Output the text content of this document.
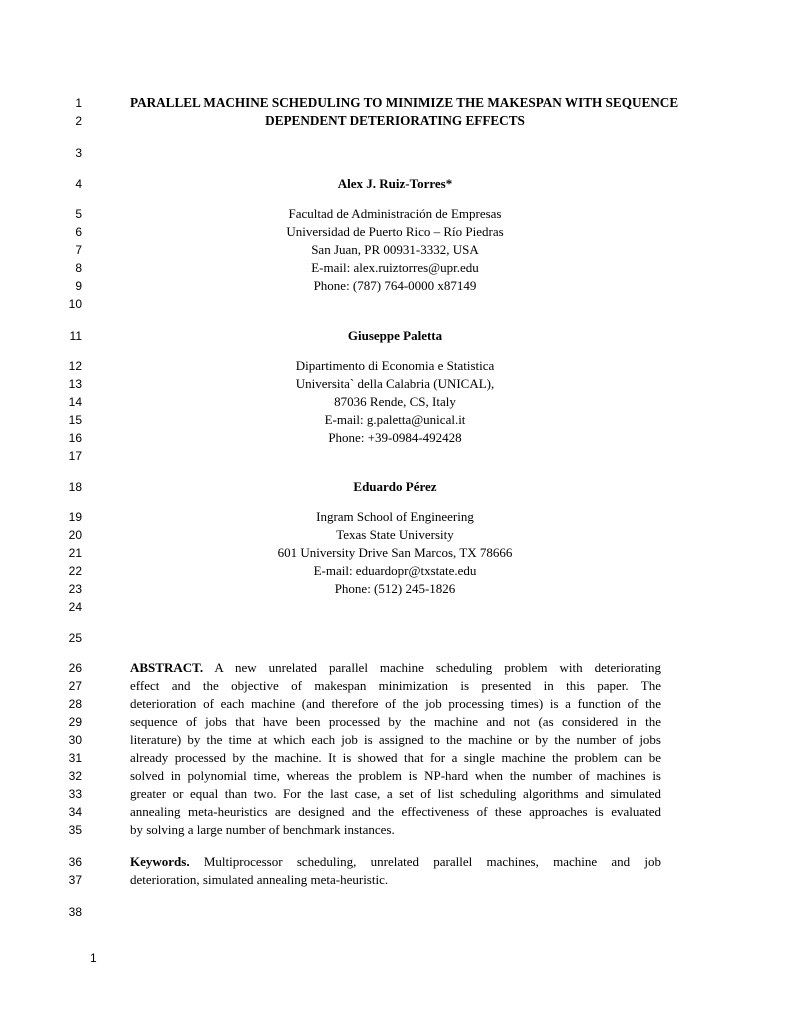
1
2
3
4
5
6
7
8
9
10
11
12
13
14
15
16
17
18
19
20
21
22
23
24
25
26
27
28
29
30
31
32
33
34
35
36
37
38
PARALLEL MACHINE SCHEDULING TO MINIMIZE THE MAKESPAN WITH SEQUENCE
DEPENDENT DETERIORATING EFFECTS
Alex J. Ruiz-Torres*
Facultad de Administración de Empresas
Universidad de Puerto Rico – Río Piedras
San Juan, PR 00931-3332, USA
E-mail: alex.ruiztorres@upr.edu
Phone: (787) 764-0000 x87149
Giuseppe Paletta
Dipartimento di Economia e Statistica
Universita` della Calabria (UNICAL),
87036 Rende, CS, Italy
E-mail: g.paletta@unical.it
Phone: +39-0984-492428
Eduardo Pérez
Ingram School of Engineering
Texas State University
601 University Drive San Marcos, TX 78666
E-mail: eduardopr@txstate.edu
Phone: (512) 245-1826
ABSTRACT. A new unrelated parallel machine scheduling problem with deteriorating
effect and the objective of makespan minimization is presented in this paper. The
deterioration of each machine (and therefore of the job processing times) is a function of the
sequence of jobs that have been processed by the machine and not (as considered in the
literature) by the time at which each job is assigned to the machine or by the number of jobs
already processed by the machine. It is showed that for a single machine the problem can be
solved in polynomial time, whereas the problem is NP-hard when the number of machines is
greater or equal than two. For the last case, a set of list scheduling algorithms and simulated
annealing meta-heuristics are designed and the effectiveness of these approaches is evaluated
by solving a large number of benchmark instances.
Keywords. Multiprocessor scheduling, unrelated parallel machines, machine and job
deterioration, simulated annealing meta-heuristic.
1
